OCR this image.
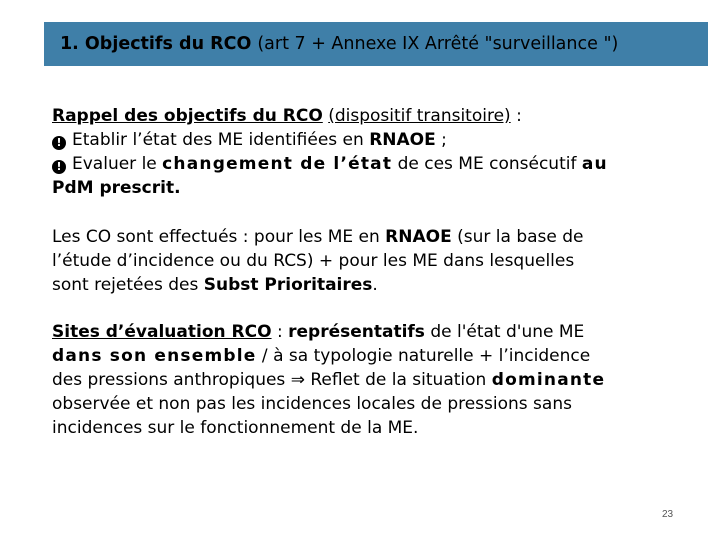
1. Objectifs du RCO (art 7 + Annexe IX Arrêté "surveillance ")
Rappel des objectifs du RCO (dispositif transitoire) :
! Etablir l’état des ME identifiées en RNAOE ;
! Evaluer le changement de l’état de ces ME consécutif au
PdM prescrit.
Les CO sont effectués : pour les ME en RNAOE (sur la base de
l’étude d’incidence ou du RCS) + pour les ME dans lesquelles
sont rejetées des Subst Prioritaires.
Sites d’évaluation RCO : représentatifs de l'état d'une ME
dans son ensemble / à sa typologie naturelle + l’incidence
des pressions anthropiques ⇒ Reflet de la situation dominante
observée et non pas les incidences locales de pressions sans
incidences sur le fonctionnement de la ME.
23
